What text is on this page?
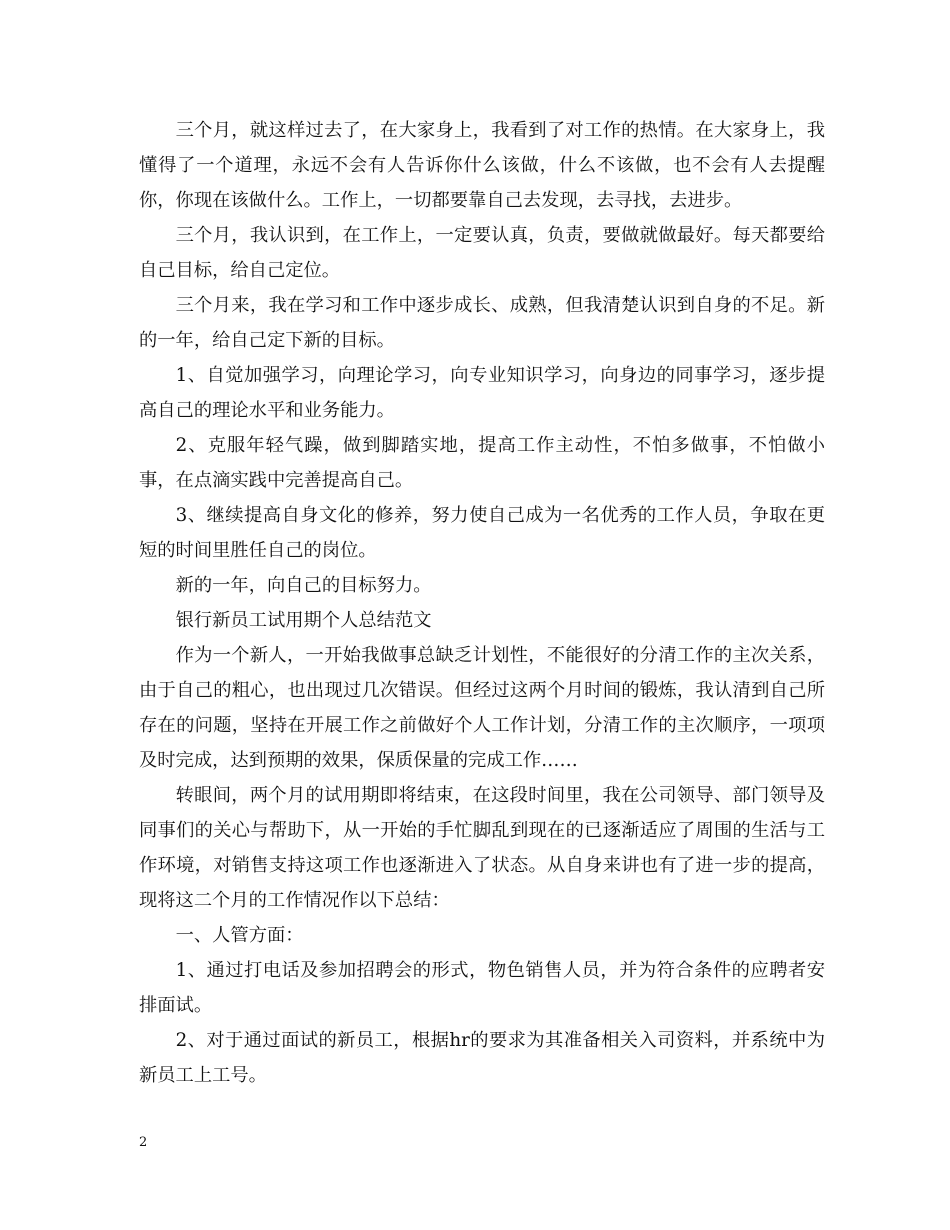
三个月，就这样过去了，在大家身上，我看到了对工作的热情。在大家身上，我懂得了一个道理，永远不会有人告诉你什么该做，什么不该做，也不会有人去提醒你，你现在该做什么。工作上，一切都要靠自己去发现，去寻找，去进步。

三个月，我认识到，在工作上，一定要认真，负责，要做就做最好。每天都要给自己目标，给自己定位。

三个月来，我在学习和工作中逐步成长、成熟，但我清楚认识到自身的不足。新的一年，给自己定下新的目标。

1、自觉加强学习，向理论学习，向专业知识学习，向身边的同事学习，逐步提高自己的理论水平和业务能力。

2、克服年轻气躁，做到脚踏实地，提高工作主动性，不怕多做事，不怕做小事，在点滴实践中完善提高自己。

3、继续提高自身文化的修养，努力使自己成为一名优秀的工作人员，争取在更短的时间里胜任自己的岗位。

新的一年，向自己的目标努力。

银行新员工试用期个人总结范文

作为一个新人，一开始我做事总缺乏计划性，不能很好的分清工作的主次关系，由于自己的粗心，也出现过几次错误。但经过这两个月时间的锻炼，我认清到自己所存在的问题，坚持在开展工作之前做好个人工作计划，分清工作的主次顺序，一项项及时完成，达到预期的效果，保质保量的完成工作……

转眼间，两个月的试用期即将结束，在这段时间里，我在公司领导、部门领导及同事们的关心与帮助下，从一开始的手忙脚乱到现在的已逐渐适应了周围的生活与工作环境，对销售支持这项工作也逐渐进入了状态。从自身来讲也有了进一步的提高，现将这二个月的工作情况作以下总结：

一、人管方面：

1、通过打电话及参加招聘会的形式，物色销售人员，并为符合条件的应聘者安排面试。

2、对于通过面试的新员工，根据hr的要求为其准备相关入司资料，并系统中为新员工上工号。

2
